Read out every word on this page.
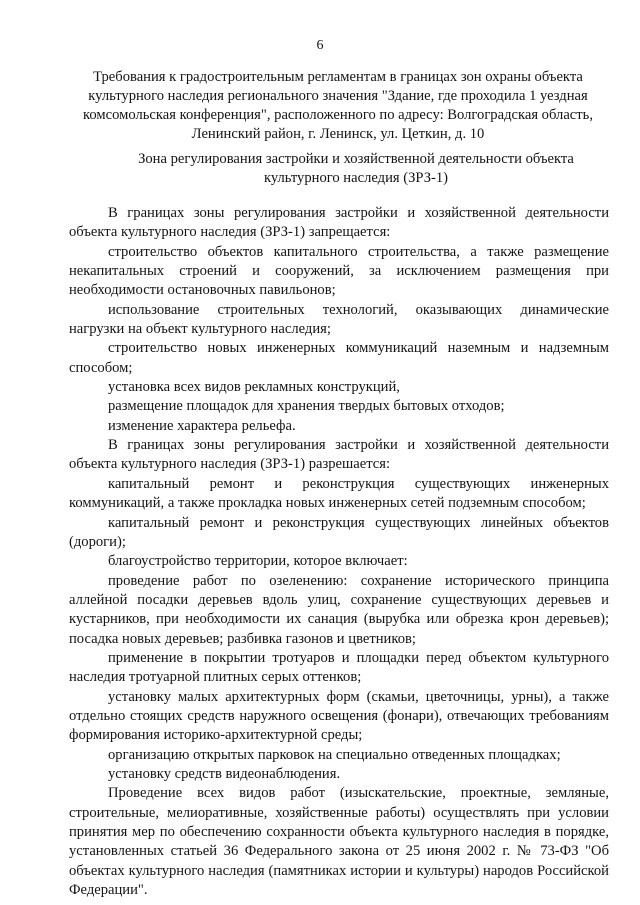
6
Требования к градостроительным регламентам в границах зон охраны объекта культурного наследия регионального значения "Здание, где проходила 1 уездная комсомольская конференция", расположенного по адресу: Волгоградская область, Ленинский район, г. Ленинск, ул. Цеткин, д. 10
Зона регулирования застройки и хозяйственной деятельности объекта культурного наследия (ЗРЗ-1)

В границах зоны регулирования застройки и хозяйственной деятельности объекта культурного наследия (ЗРЗ-1) запрещается:

строительство объектов капитального строительства, а также размещение некапитальных строений и сооружений, за исключением размещения при необходимости остановочных павильонов;

использование строительных технологий, оказывающих динамические нагрузки на объект культурного наследия;

строительство новых инженерных коммуникаций наземным и надземным способом;

установка всех видов рекламных конструкций,

размещение площадок для хранения твердых бытовых отходов;

изменение характера рельефа.

В границах зоны регулирования застройки и хозяйственной деятельности объекта культурного наследия (ЗРЗ-1) разрешается:

капитальный ремонт и реконструкция существующих инженерных коммуникаций, а также прокладка новых инженерных сетей подземным способом;

капитальный ремонт и реконструкция существующих линейных объектов (дороги);

благоустройство территории, которое включает:

проведение работ по озеленению: сохранение исторического принципа аллейной посадки деревьев вдоль улиц, сохранение существующих деревьев и кустарников, при необходимости их санация (вырубка или обрезка крон деревьев); посадка новых деревьев; разбивка газонов и цветников;

применение в покрытии тротуаров и площадки перед объектом культурного наследия тротуарной плитных серых оттенков;

установку малых архитектурных форм (скамьи, цветочницы, урны), а также отдельно стоящих средств наружного освещения (фонари), отвечающих требованиям формирования историко-архитектурной среды;

организацию открытых парковок на специально отведенных площадках;

установку средств видеонаблюдения.

Проведение всех видов работ (изыскательские, проектные, земляные, строительные, мелиоративные, хозяйственные работы) осуществлять при условии принятия мер по обеспечению сохранности объекта культурного наследия в порядке, установленных статьей 36 Федерального закона от 25 июня 2002 г. № 73-ФЗ "Об объектах культурного наследия (памятниках истории и культуры) народов Российской Федерации".
